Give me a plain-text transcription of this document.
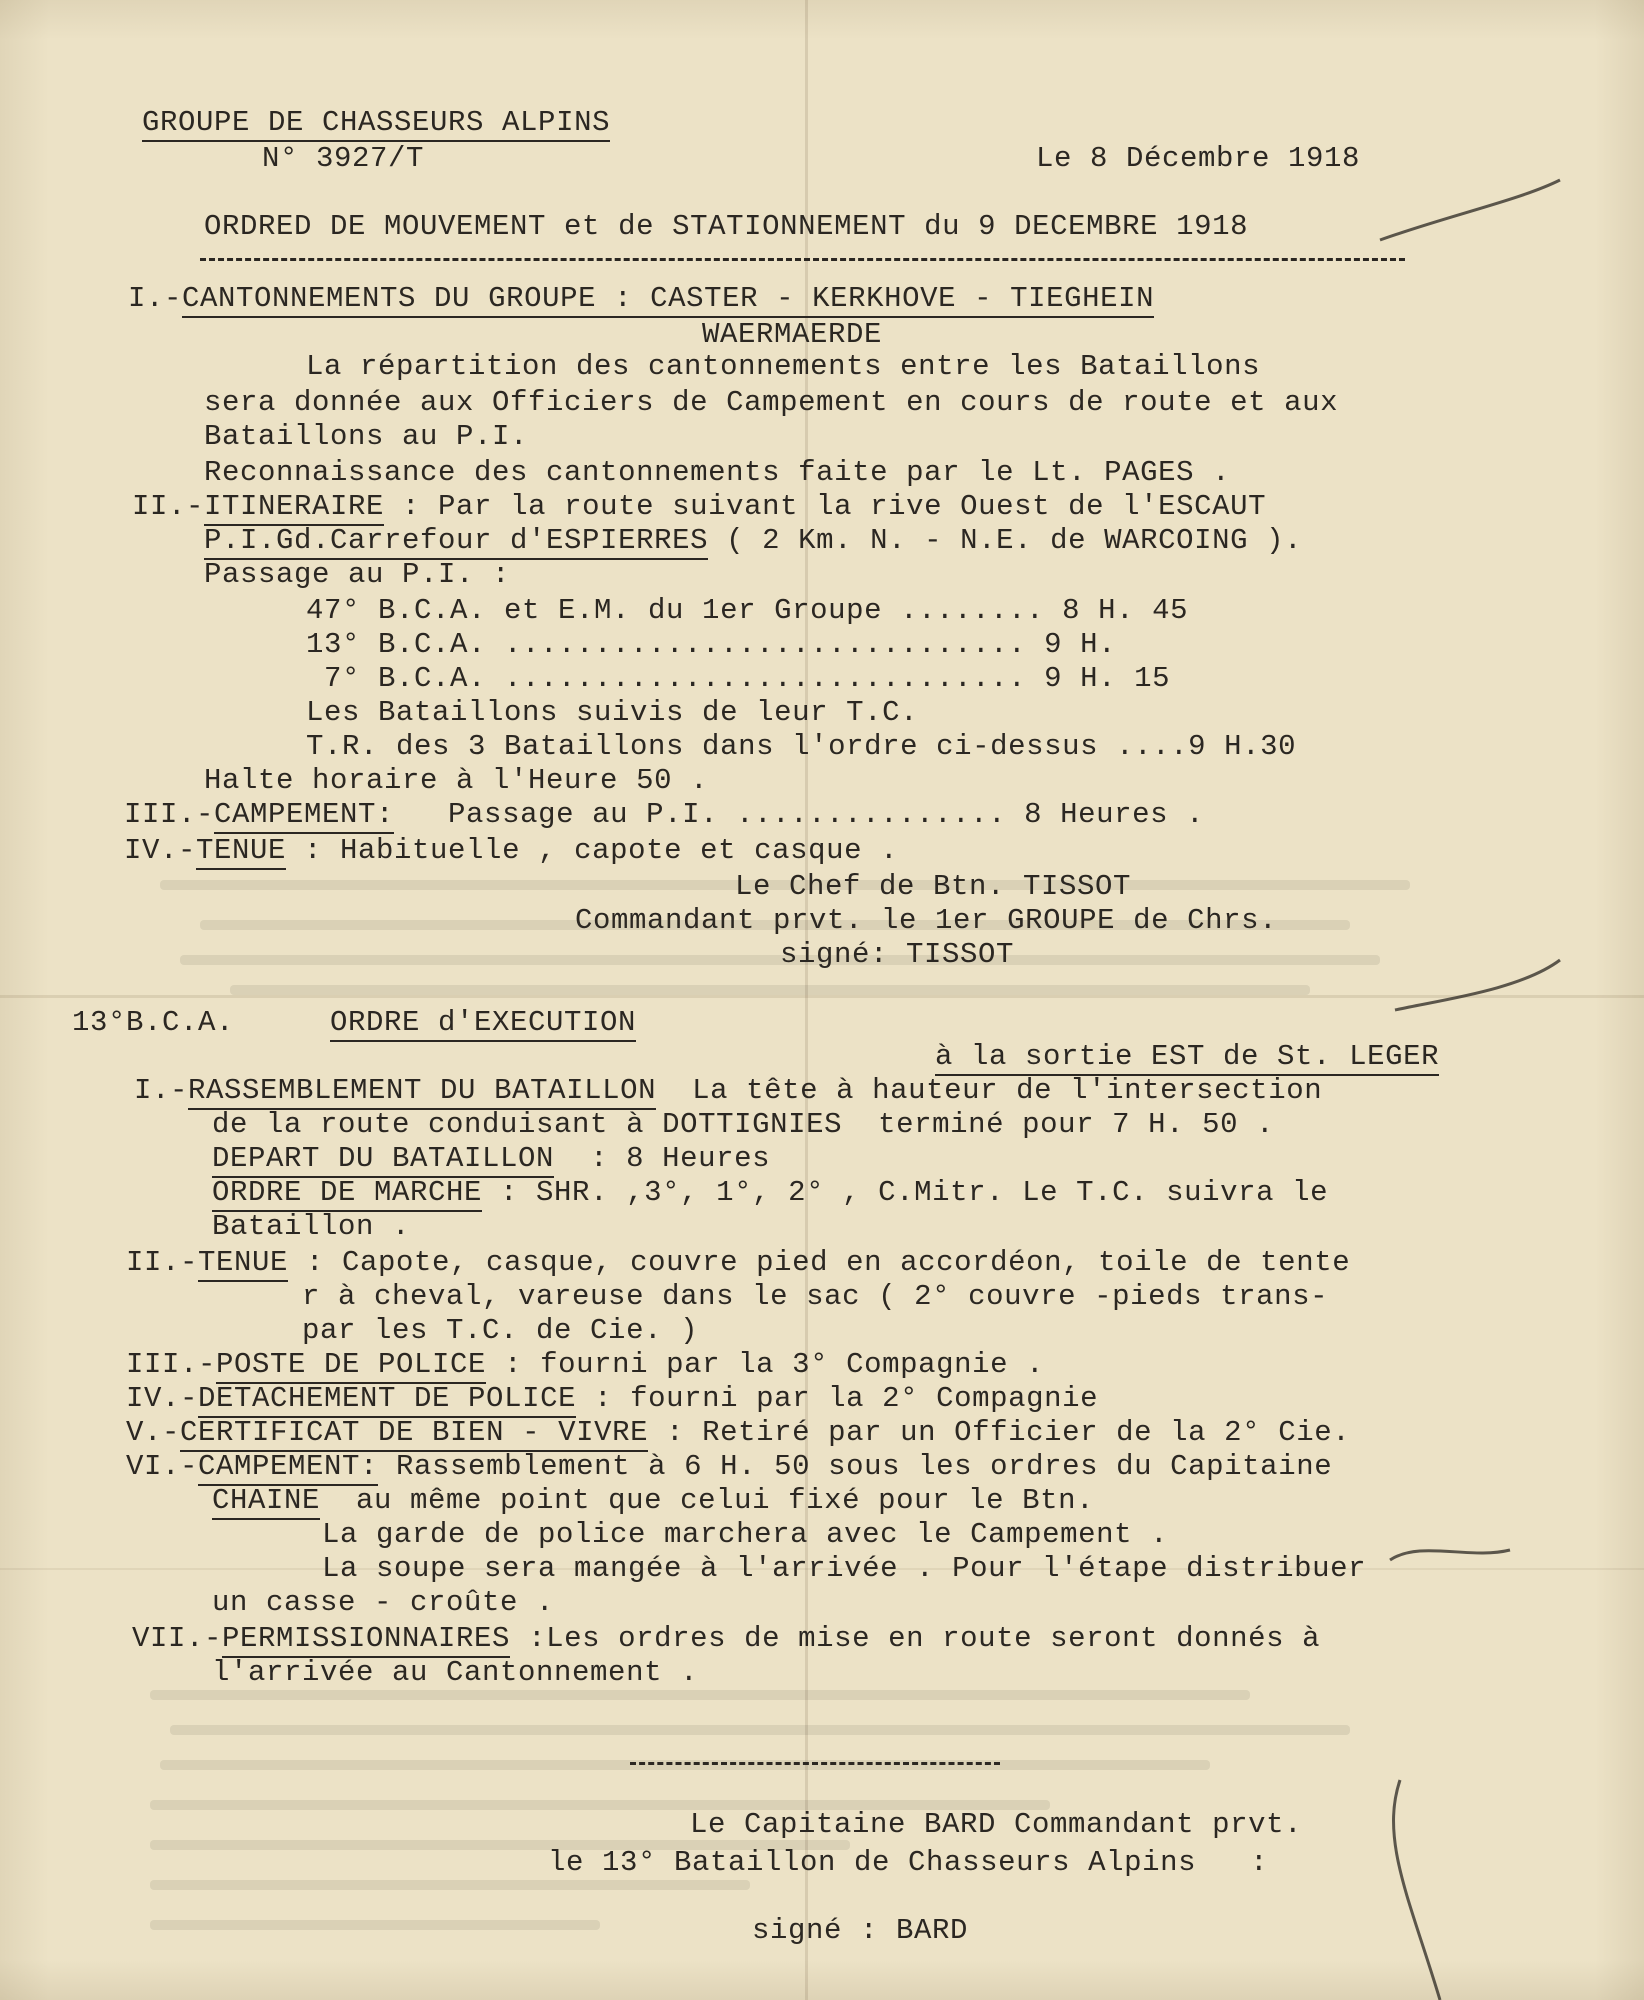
GROUPE DE CHASSEURS ALPINS
N° 3927/T	Le 8 Décembre 1918
ORDRED DE MOUVEMENT et de STATIONNEMENT du 9 DECEMBRE 1918
I.-CANTONNEMENTS DU GROUPE : CASTER - KERKHOVE - TIEGHEIN
WAERMAERDE
La répartition des cantonnements entre les Bataillons
sera donnée aux Officiers de Campement en cours de route et aux
Bataillons au P.I.
Reconnaissance des cantonnements faite par le Lt. PAGES .
II.-ITINERAIRE : Par la route suivant la rive Ouest de l'ESCAUT
P.I.Gd.Carrefour d'ESPIERRES ( 2 Km. N. - N.E. de WARCOING ).
Passage au P.I. :
47° B.C.A. et E.M. du 1er Groupe ........ 8 H. 45
13° B.C.A. ............................. 9 H.
7° B.C.A. ............................. 9 H. 15
Les Bataillons suivis de leur T.C.
T.R. des 3 Bataillons dans l'ordre ci-dessus ....9 H.30
Halte horaire à l'Heure 50 .
III.-CAMPEMENT:   Passage au P.I. ............... 8 Heures .
IV.-TENUE : Habituelle , capote et casque .
Le Chef de Btn. TISSOT
Commandant prvt. le 1er GROUPE de Chrs.
signé: TISSOT
13°B.C.A.	ORDRE d'EXECUTION
à la sortie EST de St. LEGER
I.-RASSEMBLEMENT DU BATAILLON  La tête à hauteur de l'intersection
de la route conduisant à DOTTIGNIES  terminé pour 7 H. 50 .
DEPART DU BATAILLON  : 8 Heures
ORDRE DE MARCHE : SHR. ,3°, 1°, 2° , C.Mitr. Le T.C. suivra le
Bataillon .
II.-TENUE : Capote, casque, couvre pied en accordéon, toile de tente
r à cheval, vareuse dans le sac ( 2° couvre -pieds trans-
par les T.C. de Cie. )
III.-POSTE DE POLICE : fourni par la 3° Compagnie .
IV.-DETACHEMENT DE POLICE : fourni par la 2° Compagnie
V.-CERTIFICAT DE BIEN - VIVRE : Retiré par un Officier de la 2° Cie.
VI.-CAMPEMENT: Rassemblement à 6 H. 50 sous les ordres du Capitaine
CHAINE  au même point que celui fixé pour le Btn.
La garde de police marchera avec le Campement .
La soupe sera mangée à l'arrivée . Pour l'étape distribuer
un casse - croûte .
VII.-PERMISSIONNAIRES :Les ordres de mise en route seront donnés à
l'arrivée au Cantonnement .
Le Capitaine BARD Commandant prvt.
le 13° Bataillon de Chasseurs Alpins   :
signé : BARD
